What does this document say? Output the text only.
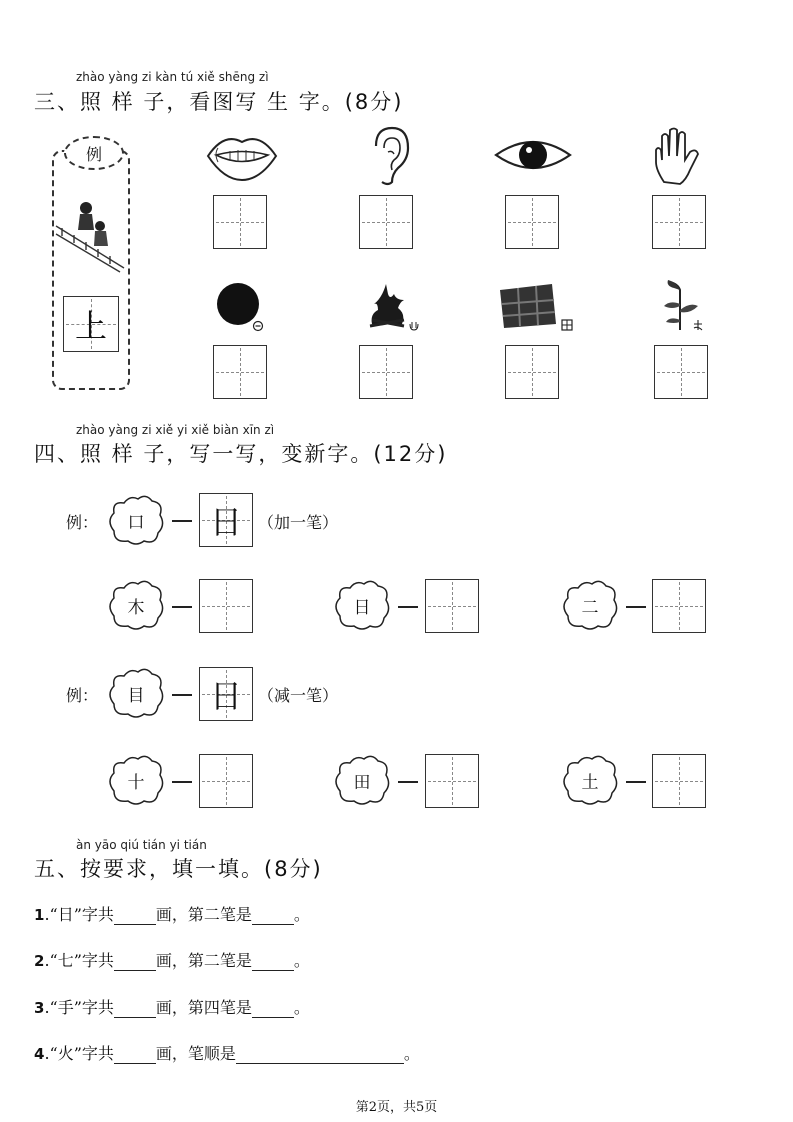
zhào yàng zi kàn tú xiě shēng zì
三、照 样 子，看图写 生 字。(8分)
例
上
zhào yàng zi xiě yi xiě biàn xīn zì
四、照 样 子，写一写，变新字。(12分)
例：	口	日	（加一笔）
木	日	二
例：	目	日	（减一笔）
十	田	土
àn yāo qiú tián yi tián
五、按要求，填一填。(8分)
1.“日”字共	画，第二笔是	。
2.“七”字共	画，第二笔是	。
3.“手”字共	画，第四笔是	。
4.“火”字共	画，笔顺是	。
第2页，共5页
